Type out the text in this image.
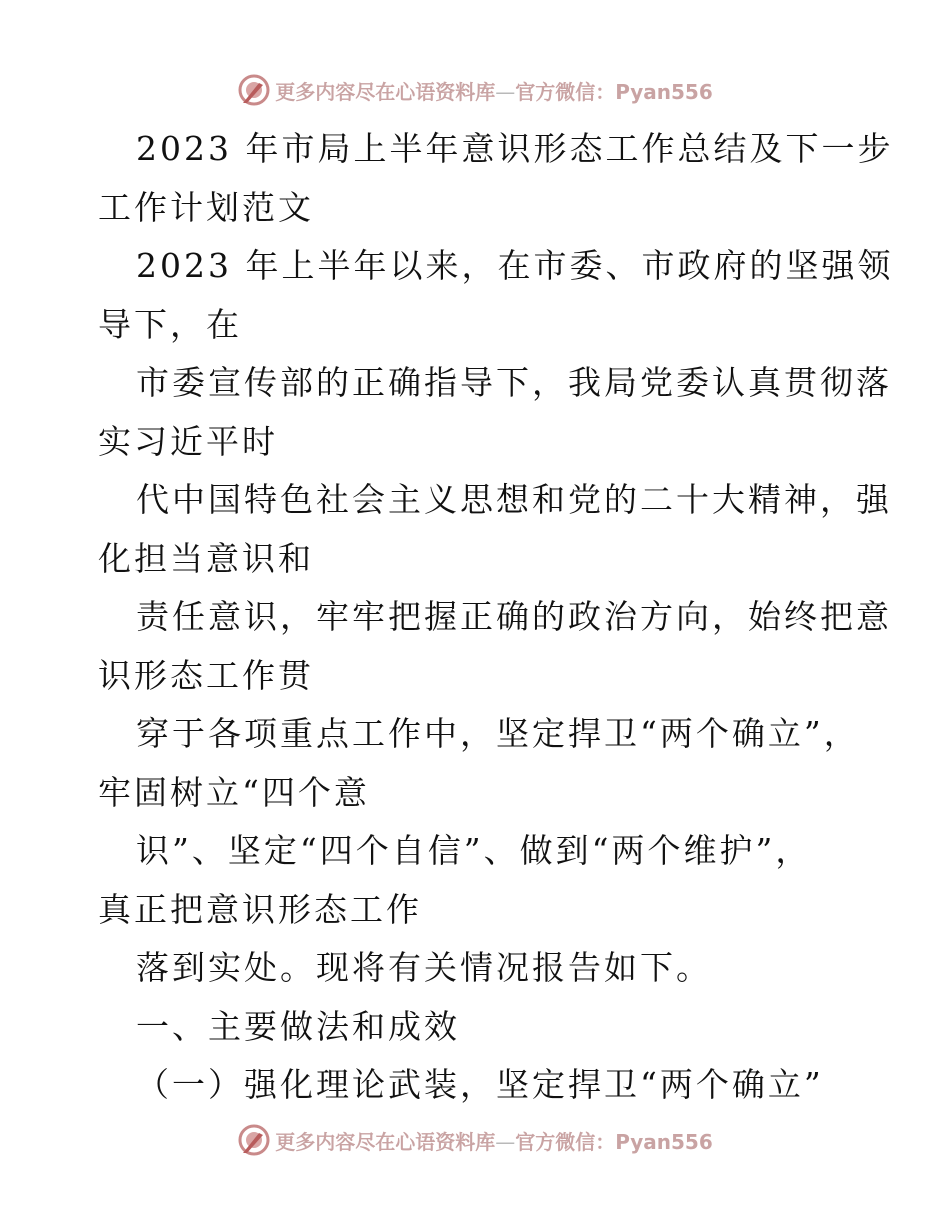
更多内容尽在心语资料库—官方微信：Pyan556
2023 年市局上半年意识形态工作总结及下一步
工作计划范文
2023 年上半年以来，在市委、市政府的坚强领
导下，在
市委宣传部的正确指导下，我局党委认真贯彻落
实习近平时
代中国特色社会主义思想和党的二十大精神，强
化担当意识和
责任意识，牢牢把握正确的政治方向，始终把意
识形态工作贯
穿于各项重点工作中，坚定捍卫“两个确立”，
牢固树立“四个意
识”、坚定“四个自信”、做到“两个维护”，
真正把意识形态工作
落到实处。现将有关情况报告如下。
一、主要做法和成效
（一）强化理论武装，坚定捍卫“两个确立”
更多内容尽在心语资料库—官方微信：Pyan556
